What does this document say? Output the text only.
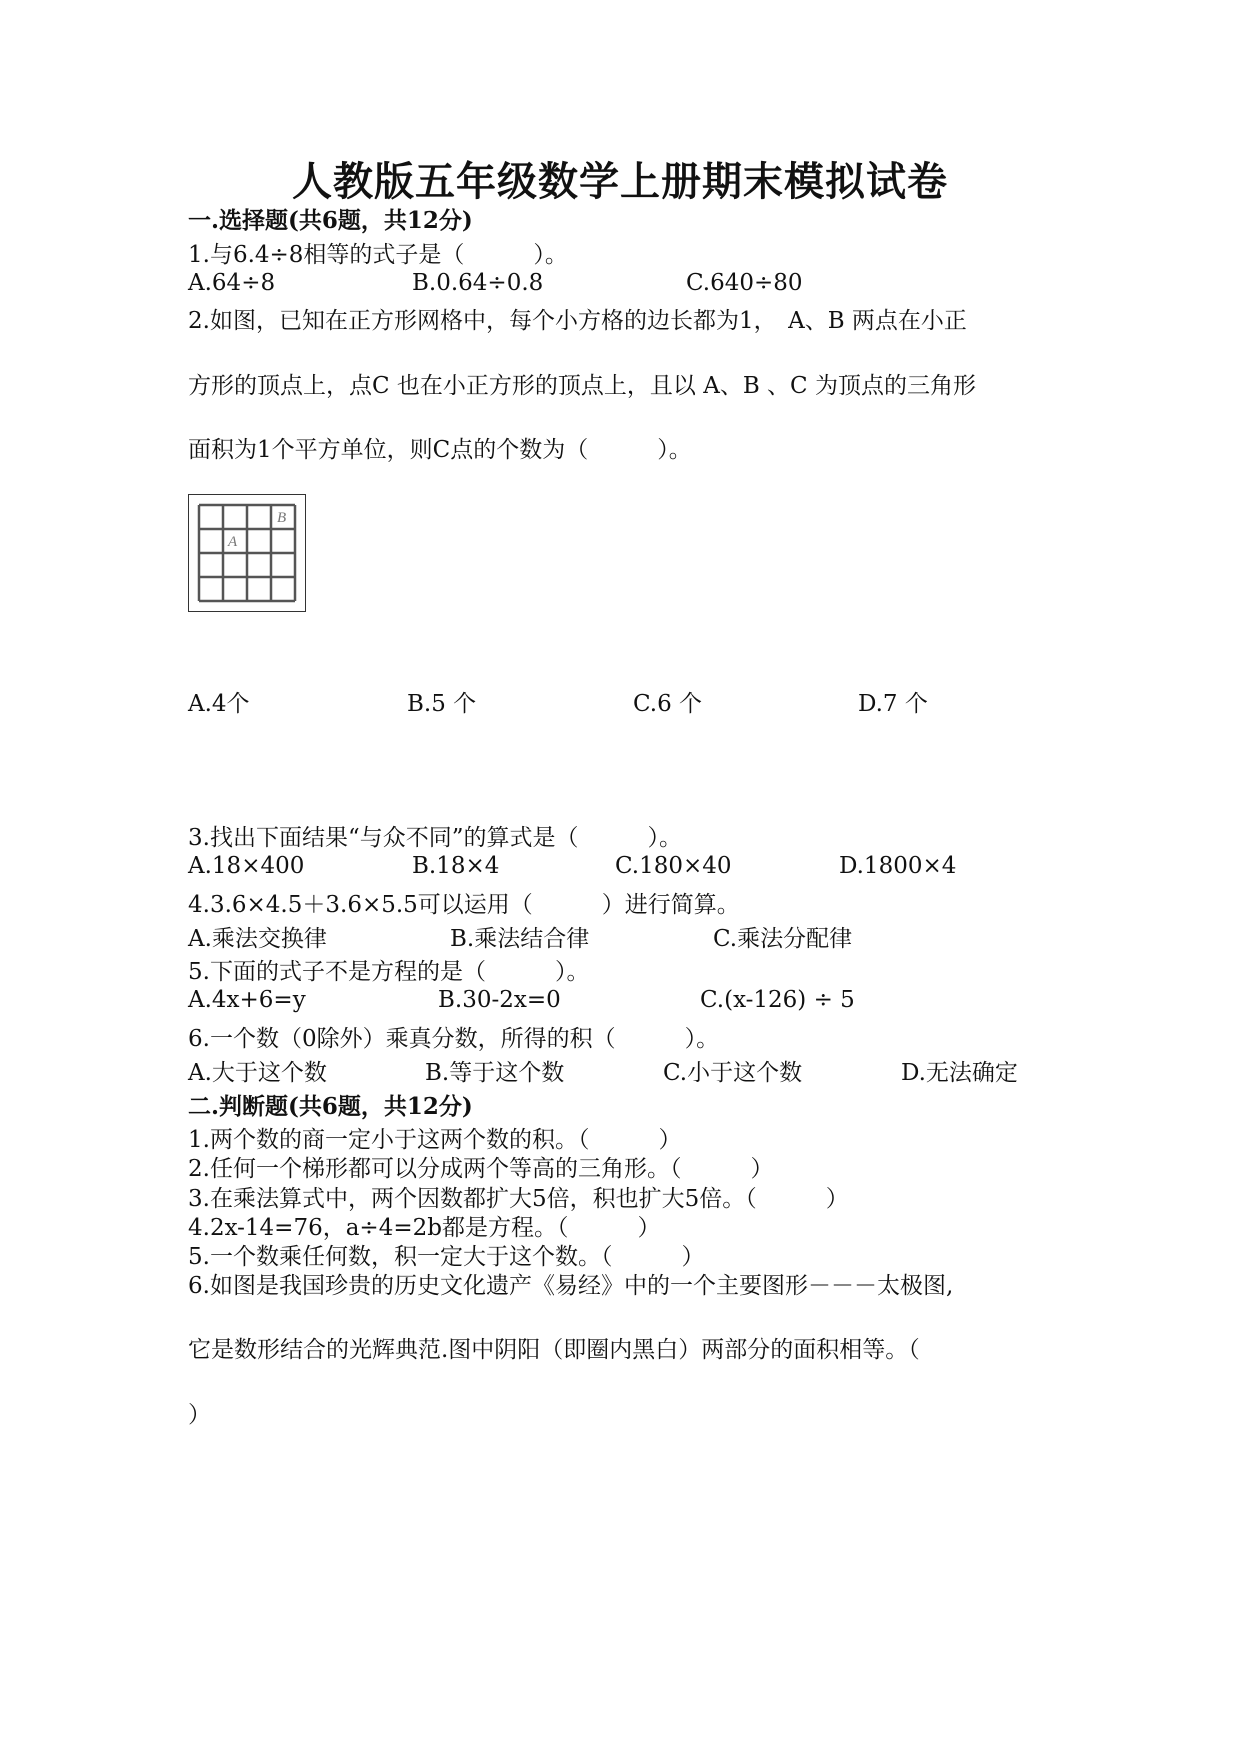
人教版五年级数学上册期末模拟试卷
一.选择题(共6题，共12分)
1.与6.4÷8相等的式子是（　　　）。
A.64÷8	B.0.64÷0.8	C.640÷80
2.如图，已知在正方形网格中，每个小方格的边长都为1，　A、B 两点在小正
方形的顶点上，点C 也在小正方形的顶点上，且以 A、B 、C 为顶点的三角形
面积为1个平方单位，则C点的个数为（　　　）。
A
B
A.4个	B.5 个	C.6 个	D.7 个
3.找出下面结果“与众不同”的算式是（　　　）。
A.18×400	B.18×4	C.180×40	D.1800×4
4.3.6×4.5＋3.6×5.5可以运用（　　　）进行简算。
A.乘法交换律	B.乘法结合律	C.乘法分配律
5.下面的式子不是方程的是（　　　）。
A.4x+6=y	B.30-2x=0	C.(x-126) ÷ 5
6.一个数（0除外）乘真分数，所得的积（　　　）。
A.大于这个数	B.等于这个数	C.小于这个数	D.无法确定
二.判断题(共6题，共12分)
1.两个数的商一定小于这两个数的积。（　　　）
2.任何一个梯形都可以分成两个等高的三角形。（　　　）
3.在乘法算式中，两个因数都扩大5倍，积也扩大5倍。（　　　）
4.2x-14=76，a÷4=2b都是方程。（　　　）
5.一个数乘任何数，积一定大于这个数。（　　　）
6.如图是我国珍贵的历史文化遗产《易经》中的一个主要图形－－－太极图,
它是数形结合的光辉典范.图中阴阳（即圈内黑白）两部分的面积相等。（
）
